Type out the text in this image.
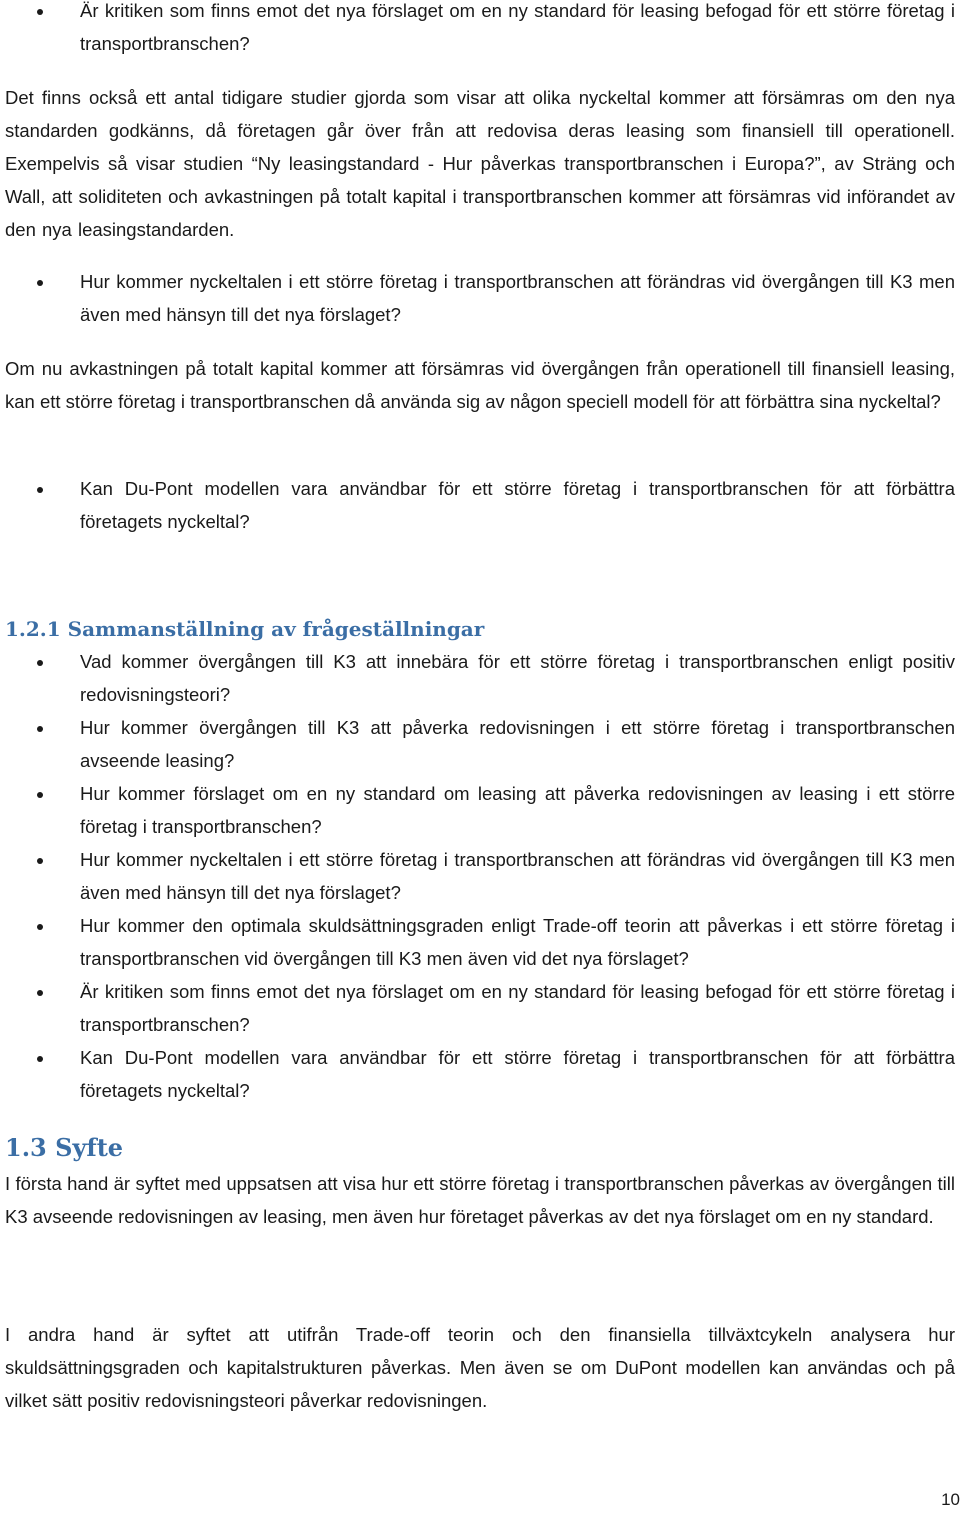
Är kritiken som finns emot det nya förslaget om en ny standard för leasing befogad för ett större företag i transportbranschen?

Det finns också ett antal tidigare studier gjorda som visar att olika nyckeltal kommer att försämras om den nya standarden godkänns, då företagen går över från att redovisa deras leasing som finansiell till operationell. Exempelvis så visar studien “Ny leasingstandard - Hur påverkas transportbranschen i Europa?”, av Sträng och Wall, att soliditeten och avkastningen på totalt kapital i transportbranschen kommer att försämras vid införandet av den nya leasingstandarden.

Hur kommer nyckeltalen i ett större företag i transportbranschen att förändras vid övergången till K3 men även med hänsyn till det nya förslaget?

Om nu avkastningen på totalt kapital kommer att försämras vid övergången från operationell till finansiell leasing, kan ett större företag i transportbranschen då använda sig av någon speciell modell för att förbättra sina nyckeltal?

Kan Du-Pont modellen vara användbar för ett större företag i transportbranschen för att förbättra företagets nyckeltal?
1.2.1 Sammanställning av frågeställningar
Vad kommer övergången till K3 att innebära för ett större företag i transportbranschen enligt positiv redovisningsteori?
Hur kommer övergången till K3 att påverka redovisningen i ett större företag i transportbranschen avseende leasing?
Hur kommer förslaget om en ny standard om leasing att påverka redovisningen av leasing i ett större företag i transportbranschen?
Hur kommer nyckeltalen i ett större företag i transportbranschen att förändras vid övergången till K3 men även med hänsyn till det nya förslaget?
Hur kommer den optimala skuldsättningsgraden enligt Trade-off teorin att påverkas i ett större företag i transportbranschen vid övergången till K3 men även vid det nya förslaget?
Är kritiken som finns emot det nya förslaget om en ny standard för leasing befogad för ett större företag i transportbranschen?
Kan Du-Pont modellen vara användbar för ett större företag i transportbranschen för att förbättra företagets nyckeltal?
1.3 Syfte

I första hand är syftet med uppsatsen att visa hur ett större företag i transportbranschen påverkas av övergången till K3 avseende redovisningen av leasing, men även hur företaget påverkas av det nya förslaget om en ny standard.

I andra hand är syftet att utifrån Trade-off teorin och den finansiella tillväxtcykeln analysera hur skuldsättningsgraden och kapitalstrukturen påverkas. Men även se om DuPont modellen kan användas och på vilket sätt positiv redovisningsteori påverkar redovisningen.

10
